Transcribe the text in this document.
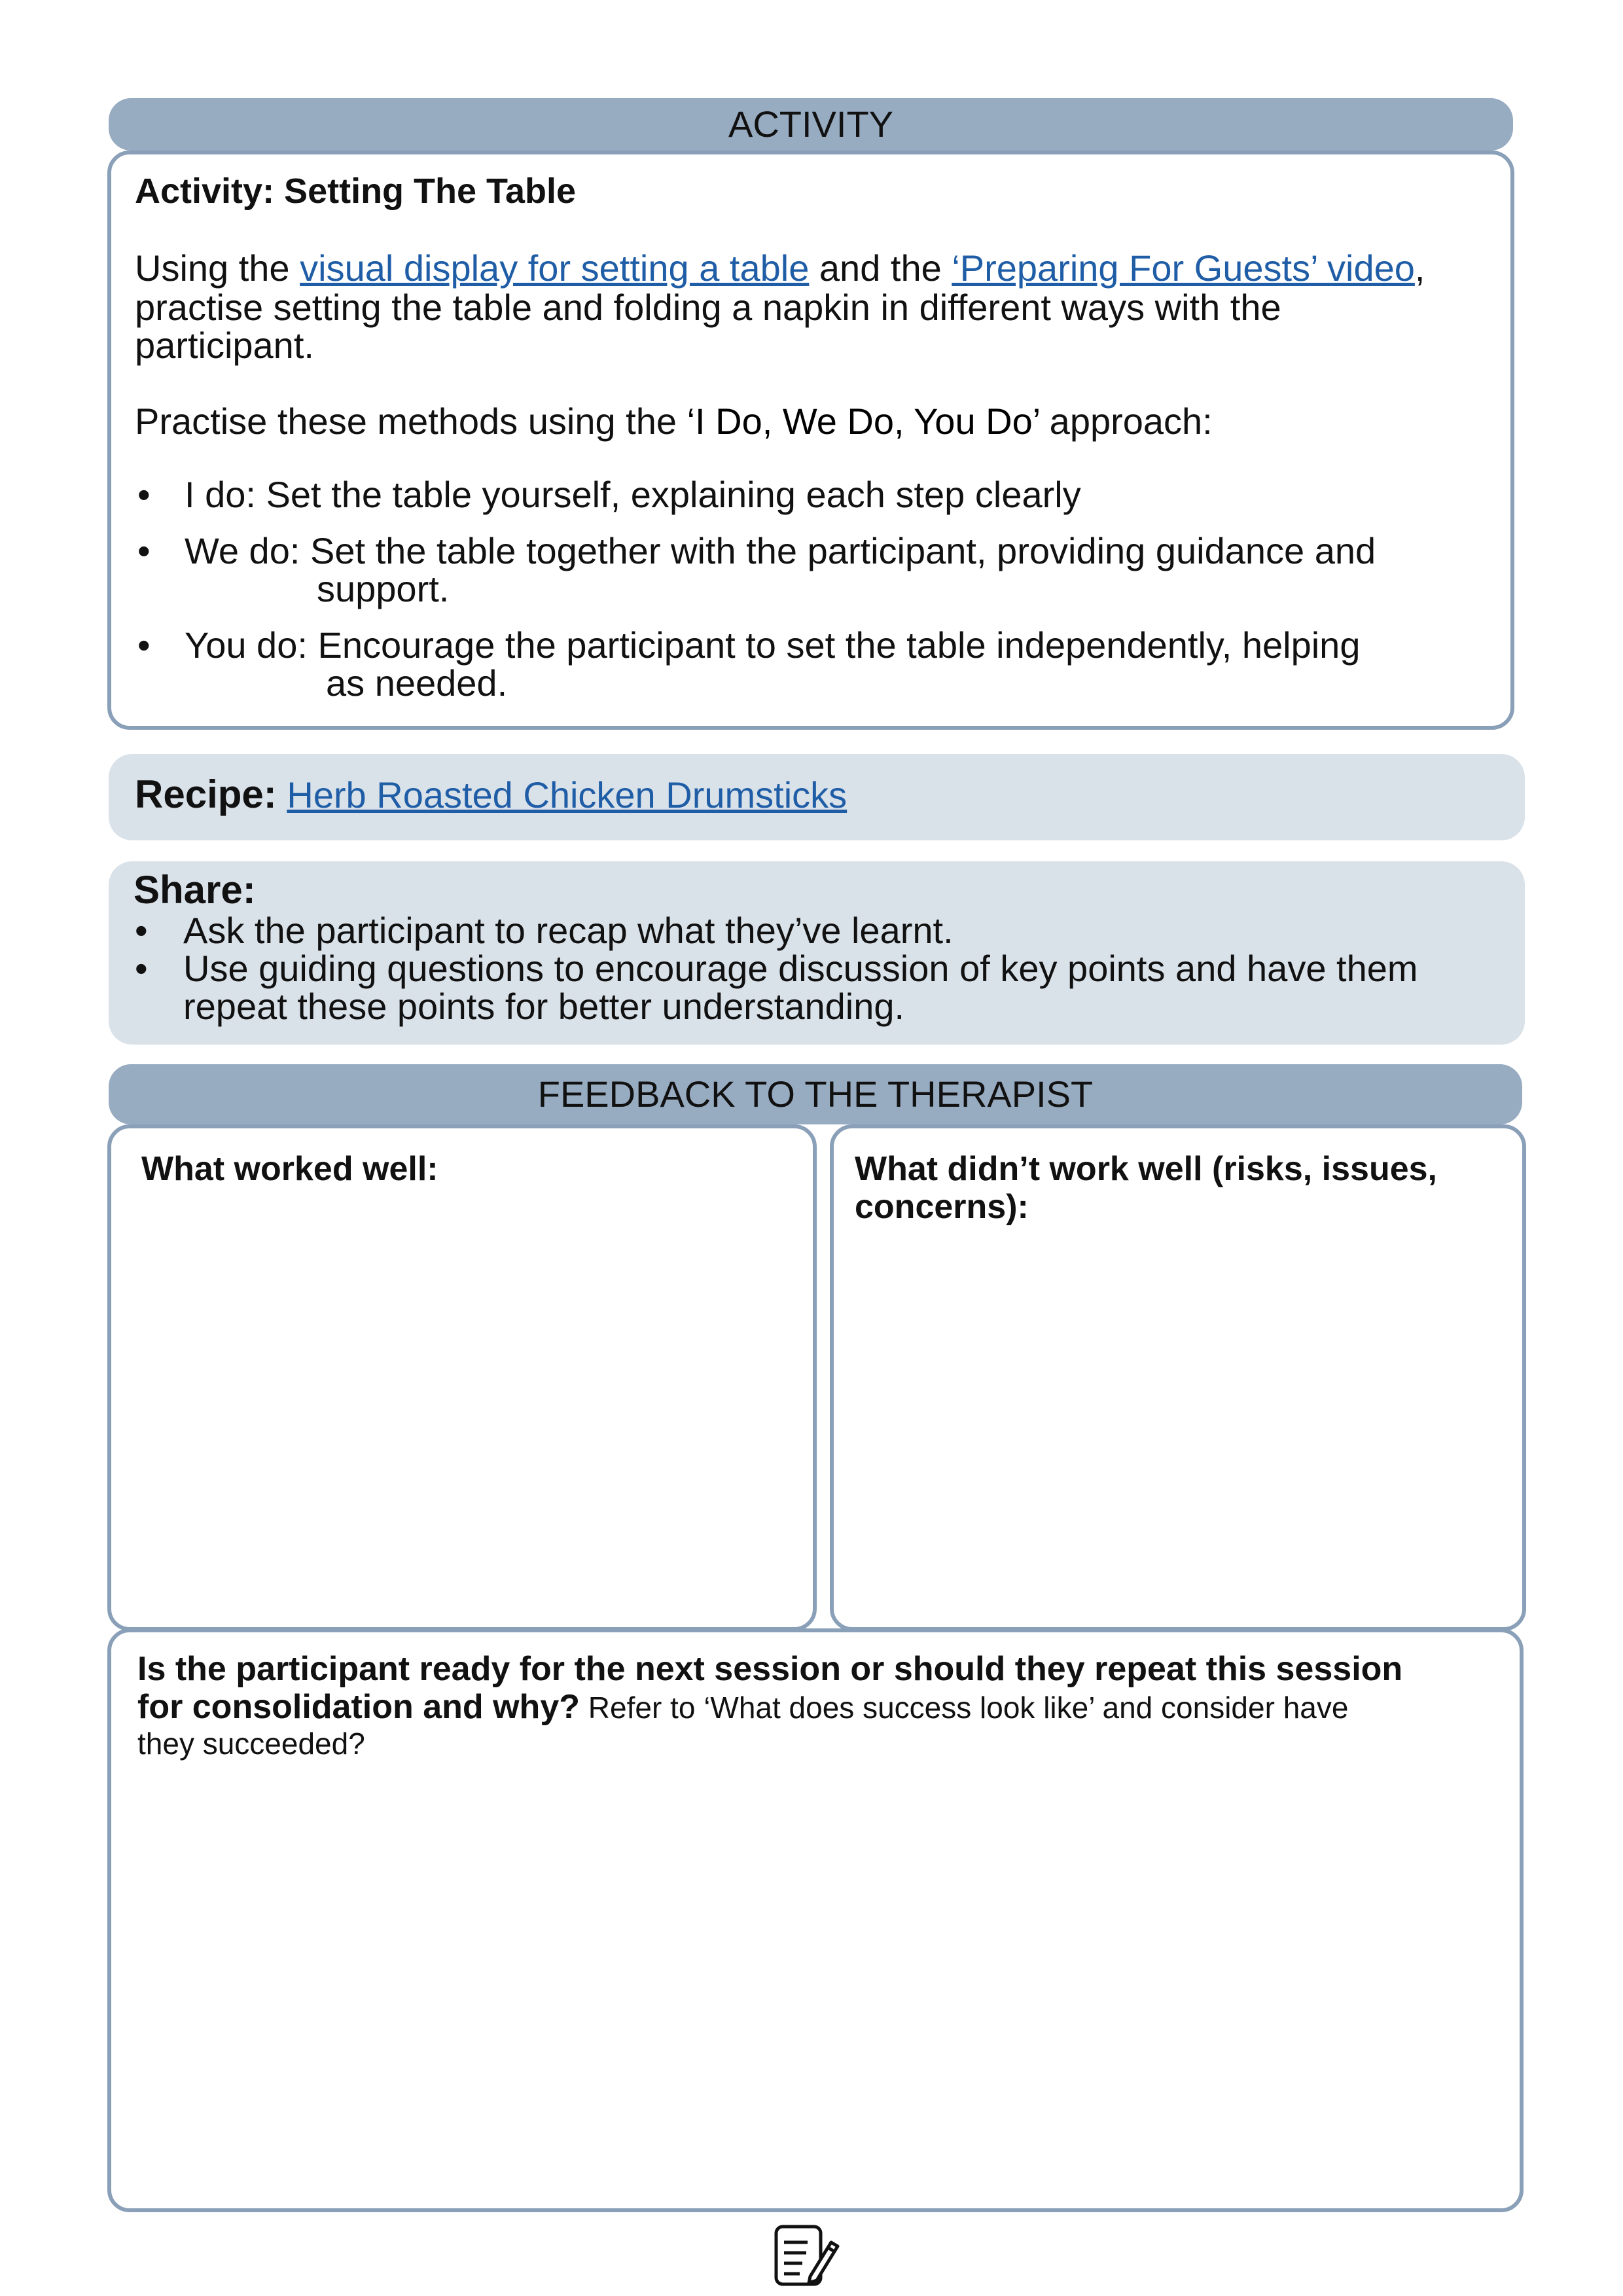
ACTIVITY
Activity: Setting The Table
Using the visual display for setting a table and the ‘Preparing For Guests’ video,
practise setting the table and folding a napkin in different ways with the
participant.
Practise these methods using the ‘I Do, We Do, You Do’ approach:
• I do: Set the table yourself, explaining each step clearly
• We do: Set the table together with the participant, providing guidance and
support.
• You do: Encourage the participant to set the table independently, helping
as needed.
Recipe: Herb Roasted Chicken Drumsticks
Share:
• Ask the participant to recap what they’ve learnt.
• Use guiding questions to encourage discussion of key points and have them
repeat these points for better understanding.
FEEDBACK TO THE THERAPIST
What worked well:	What didn’t work well (risks, issues,
concerns):
Is the participant ready for the next session or should they repeat this session
for consolidation and why? Refer to ‘What does success look like’ and consider have
they succeeded?
